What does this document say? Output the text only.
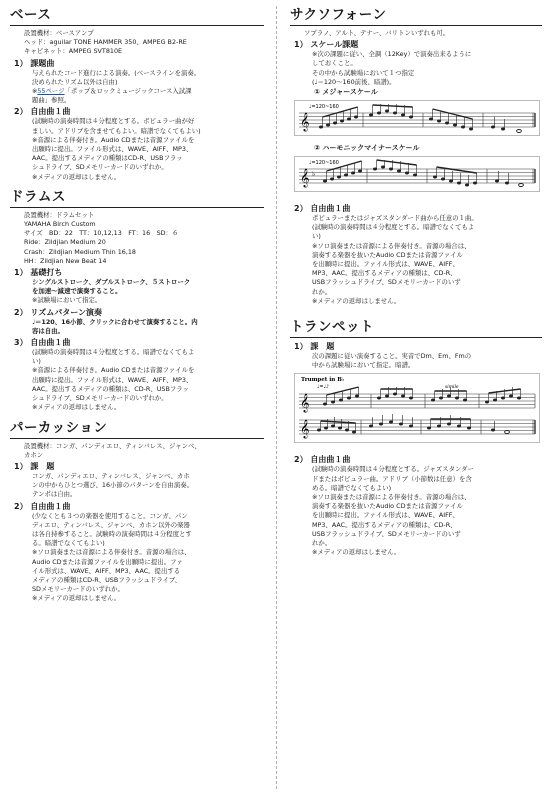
ベース

設置機材：ベースアンプ

ヘッド：aguilar TONE HAMMER 350、AMPEG B2-RE

キャビネット：AMPEG SVT810E

1） 課題曲

与えられたコード進行による演奏。(ベースラインを演奏。
決められたリズム以外は自由)

※55ページ「ポップ＆ロックミュージックコース入試課
題曲」参照。

2） 自由曲１曲

(試験時の演奏時間は４分程度とする。ボピュラー曲が好
ましい。アドリブを含ませてもよい。暗譜でなくてもよい)
※音源による伴奏付き。Audio CDまたは音源ファイルを
出願時に提出。ファイル形式は、WAVE、AIFF、MP3、
AAC。提出するメディアの種類はCD-R、USBフラッ
シュドライブ、SDメモリーカードのいずれか。
※メディアの返却はしません。

ドラムス

設置機材：ドラムセット

YAMAHA Birch Custom

サイズ　BD：22　TT：10,12,13　FT：16　SD：６

Ride：Zildjian Medium 20

Crash：Zildjian Medium Thin 16,18

HH：Zildjian New Beat 14

1） 基礎打ち

シングルストローク、ダブルストローク、５ストローク
を加速〜減速で演奏すること。

※試験場において指定。

2） リズムパターン演奏

♩＝120、16小節、クリックに合わせて演奏すること。内
容は自由。

3） 自由曲１曲

(試験時の演奏時間は４分程度とする。暗譜でなくてもよ
い)
※音源による伴奏付き。Audio CDまたは音源ファイルを
出願時に提出。ファイル形式は、WAVE、AIFF、MP3、
AAC。提出するメディアの種類は、CD-R、USBフラッ
シュドライブ、SDメモリーカードのいずれか。
※メディアの返却はしません。

パーカッション

設置機材：コンガ、パンディエロ、ティンバレス、ジャンベ、
カホン

1） 課　題

コンガ、パンディエロ、ティンバレス、ジャンベ、カホ
ンの中からひとつ選び、16小節のパターンを自由演奏。
テンポは自由。

2） 自由曲１曲

(少なくとも３つの楽器を使用すること。コンガ、パン
ディエロ、ティンバレス、ジャンベ、カホン以外の楽器
は各自持参すること。試験時の演奏時間は４分程度とす
る。暗譜でなくてもよい)
※ソロ演奏または音源による伴奏付き。音源の場合は、
Audio CDまたは音源ファイルを出願時に提出。ファ
イル形式は、WAVE、AIFF、MP3、AAC。提出する
メディアの種類はCD-R、USBフラッシュドライブ、
SDメモリーカードのいずれか。
※メディアの返却はしません。

サクソフォーン

ソプラノ、アルト、テナー、バリトンいずれも可。

1） スケール課題

※次の課題に従い、全調（12Key）で演奏出来るように
しておくこと。
その中から試験場において１つ指定
(♩＝120〜160前後、暗譜)。

① メジャースケール
♩=120~160
𝄞
② ハーモニックマイナースケール
♩=120~160
𝄞 ♭
2） 自由曲１曲

ポピュラーまたはジャズスタンダード曲から任意の１曲。
(試験時の演奏時間は４分程度とする。暗譜でなくてもよ
い)
※ソロ演奏または音源による伴奏付き。音源の場合は、
演奏する楽器を抜いたAudio CDまたは音源ファイル
を出願時に提出。ファイル形式は、WAVE、AIFF、
MP3、AAC。提出するメディアの種類は、CD-R、
USBフラッシュドライブ、SDメモリーカードのいず
れか。
※メディアの返却はしません。

トランペット
1） 課　題

次の課題に従い演奏すること。実音でDm、Em、Fmの
中から試験場において指定。暗譜。

Trumpet in B♭
♩=♩♪	simile
𝄞
𝄞
2） 自由曲１曲

(試験時の演奏時間は４分程度とする。ジャズスタンダー
ドまたはポピュラー曲。アドリブ（小節数は任意）を含
める。暗譜でなくてもよい)
※ソロ演奏または音源による伴奏付き。音源の場合は、
演奏する楽器を抜いたAudio CDまたは音源ファイル
を出願時に提出。ファイル形式は、WAVE、AIFF、
MP3、AAC。提出するメディアの種類は、CD-R、
USBフラッシュドライブ、SDメモリーカードのいず
れか。
※メディアの返却はしません。
